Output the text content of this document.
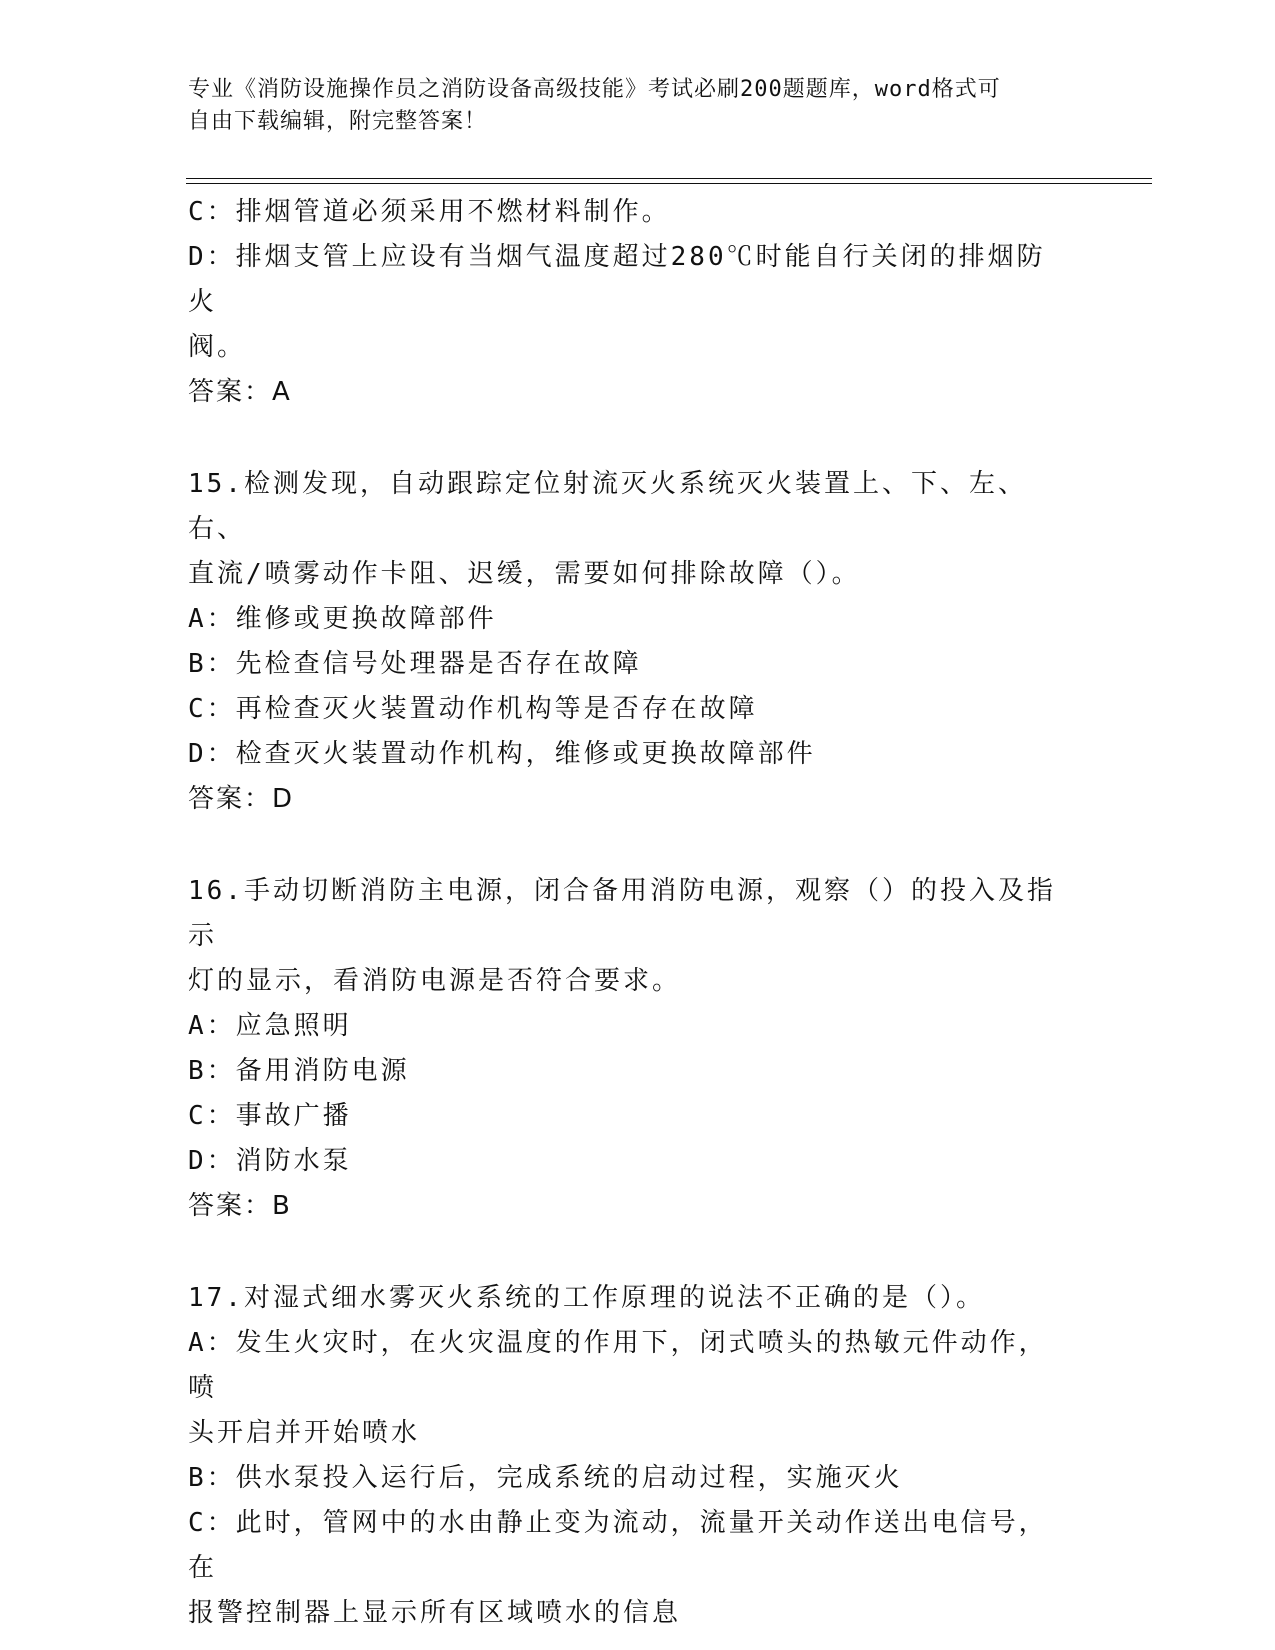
专业《消防设施操作员之消防设备高级技能》考试必刷200题题库，word格式可
自由下载编辑，附完整答案！
C：排烟管道必须采用不燃材料制作。
D：排烟支管上应设有当烟气温度超过280℃时能自行关闭的排烟防火
阀。
答案：A
15.检测发现，自动跟踪定位射流灭火系统灭火装置上、下、左、右、
直流/喷雾动作卡阻、迟缓，需要如何排除故障（）。
A：维修或更换故障部件
B：先检查信号处理器是否存在故障
C：再检查灭火装置动作机构等是否存在故障
D：检查灭火装置动作机构，维修或更换故障部件
答案：D
16.手动切断消防主电源，闭合备用消防电源，观察（）的投入及指示
灯的显示，看消防电源是否符合要求。
A：应急照明
B：备用消防电源
C：事故广播
D：消防水泵
答案：B
17.对湿式细水雾灭火系统的工作原理的说法不正确的是（）。
A：发生火灾时，在火灾温度的作用下，闭式喷头的热敏元件动作，喷
头开启并开始喷水
B：供水泵投入运行后，完成系统的启动过程，实施灭火
C：此时，管网中的水由静止变为流动，流量开关动作送出电信号，在
报警控制器上显示所有区域喷水的信息
